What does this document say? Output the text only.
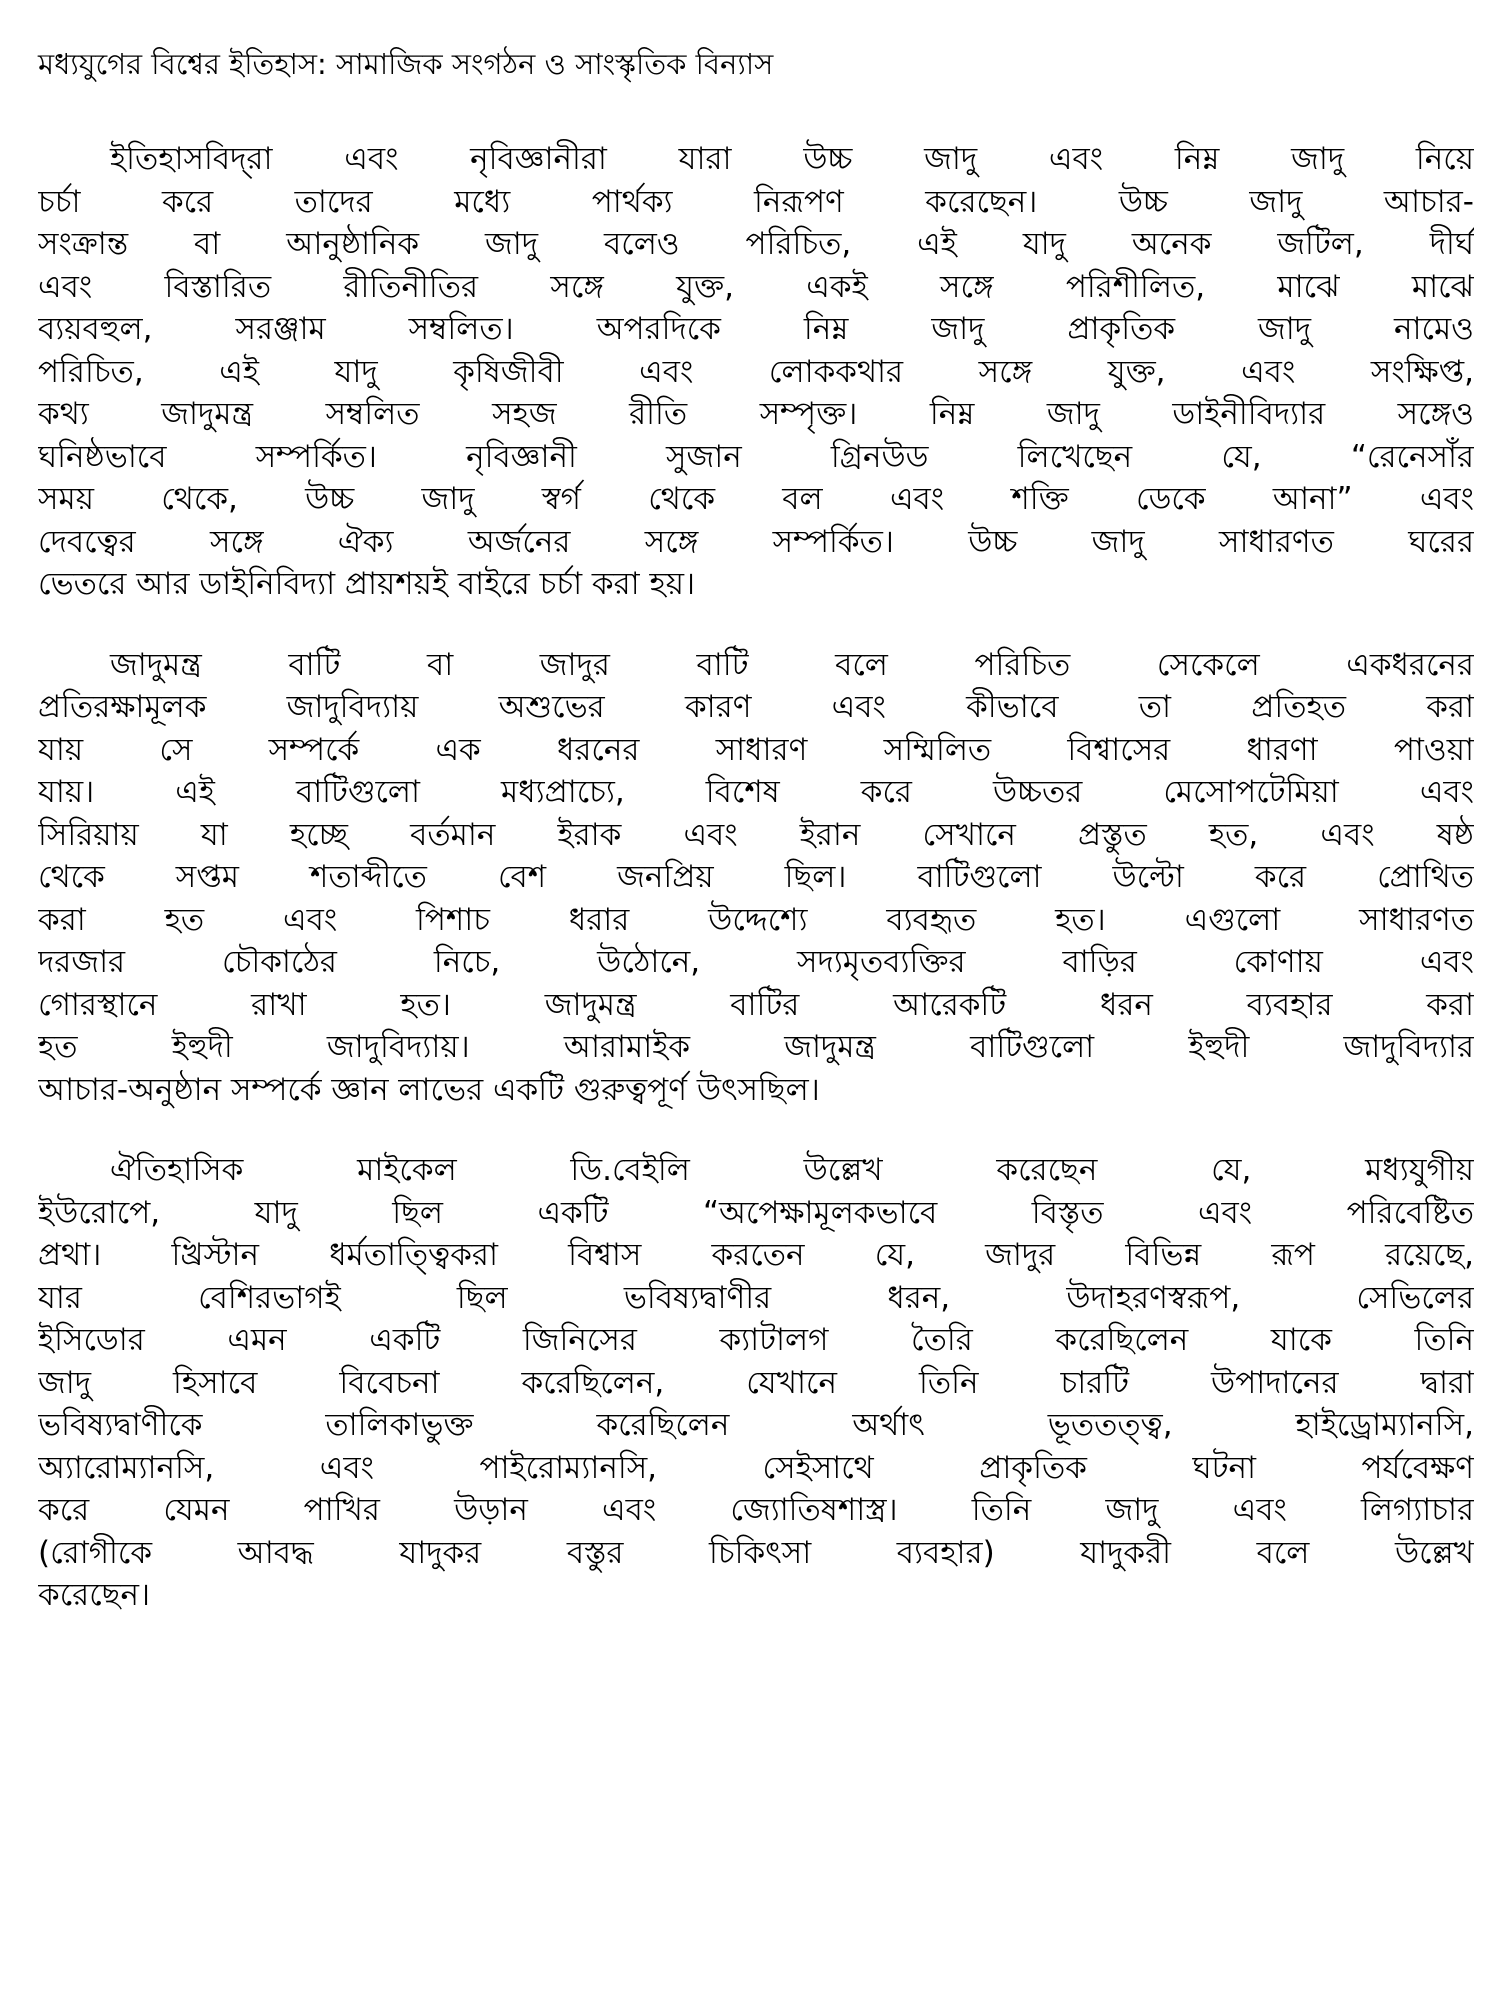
মধ্যযুগের বিশ্বের ইতিহাস: সামাজিক সংগঠন ও সাংস্কৃতিক বিন্যাস
ইতিহাসবিদ্‌রা এবং নৃবিজ্ঞানীরা যারা উচ্চ জাদু এবং নিম্ন জাদু নিয়ে
চর্চা করে তাদের মধ্যে পার্থক্য নিরূপণ করেছেন। উচ্চ জাদু আচার-
সংক্রান্ত বা আনুষ্ঠানিক জাদু বলেও পরিচিত, এই যাদু অনেক জটিল, দীর্ঘ
এবং বিস্তারিত রীতিনীতির সঙ্গে যুক্ত, একই সঙ্গে পরিশীলিত, মাঝে মাঝে
ব্যয়বহুল, সরঞ্জাম সম্বলিত। অপরদিকে নিম্ন জাদু প্রাকৃতিক জাদু নামেও
পরিচিত, এই যাদু কৃষিজীবী এবং লোককথার সঙ্গে যুক্ত, এবং সংক্ষিপ্ত,
কথ্য জাদুমন্ত্র সম্বলিত সহজ রীতি সম্পৃক্ত। নিম্ন জাদু ডাইনীবিদ্যার সঙ্গেও
ঘনিষ্ঠভাবে সম্পর্কিত। নৃবিজ্ঞানী সুজান গ্রিনউড লিখেছেন যে, “রেনেসাঁর
সময় থেকে, উচ্চ জাদু স্বর্গ থেকে বল এবং শক্তি ডেকে আনা” এবং
দেবত্বের সঙ্গে ঐক্য অর্জনের সঙ্গে সম্পর্কিত। উচ্চ জাদু সাধারণত ঘরের
ভেতরে আর ডাইনিবিদ্যা প্রায়শয়ই বাইরে চর্চা করা হয়।
জাদুমন্ত্র বাটি বা জাদুর বাটি বলে পরিচিত সেকেলে একধরনের
প্রতিরক্ষামূলক জাদুবিদ্যায় অশুভের কারণ এবং কীভাবে তা প্রতিহত করা
যায় সে সম্পর্কে এক ধরনের সাধারণ সম্মিলিত বিশ্বাসের ধারণা পাওয়া
যায়। এই বাটিগুলো মধ্যপ্রাচ্যে, বিশেষ করে উচ্চতর মেসোপটেমিয়া এবং
সিরিয়ায় যা হচ্ছে বর্তমান ইরাক এবং ইরান সেখানে প্রস্তুত হত, এবং ষষ্ঠ
থেকে সপ্তম শতাব্দীতে বেশ জনপ্রিয় ছিল। বাটিগুলো উল্টো করে প্রোথিত
করা হত এবং পিশাচ ধরার উদ্দেশ্যে ব্যবহৃত হত। এগুলো সাধারণত
দরজার চৌকাঠের নিচে, উঠোনে, সদ্যমৃতব্যক্তির বাড়ির কোণায় এবং
গোরস্থানে রাখা হত। জাদুমন্ত্র বাটির আরেকটি ধরন ব্যবহার করা
হত ইহুদী জাদুবিদ্যায়। আরামাইক জাদুমন্ত্র বাটিগুলো ইহুদী জাদুবিদ্যার
আচার-অনুষ্ঠান সম্পর্কে জ্ঞান লাভের একটি গুরুত্বপূর্ণ উৎসছিল।
ঐতিহাসিক মাইকেল ডি.বেইলি উল্লেখ করেছেন যে, মধ্যযুগীয়
ইউরোপে, যাদু ছিল একটি “অপেক্ষামূলকভাবে বিস্তৃত এবং পরিবেষ্টিত
প্রথা। খ্রিস্টান ধর্মতাত্ত্বিকরা বিশ্বাস করতেন যে, জাদুর বিভিন্ন রূপ রয়েছে,
যার বেশিরভাগই ছিল ভবিষ্যদ্বাণীর ধরন, উদাহরণস্বরূপ, সেভিলের
ইসিডোর এমন একটি জিনিসের ক্যাটালগ তৈরি করেছিলেন যাকে তিনি
জাদু হিসাবে বিবেচনা করেছিলেন, যেখানে তিনি চারটি উপাদানের দ্বারা
ভবিষ্যদ্বাণীকে তালিকাভুক্ত করেছিলেন অর্থাৎ ভূততত্ত্ব, হাইড্রোম্যানসি,
অ্যারোম্যানসি, এবং পাইরোম্যানসি, সেইসাথে প্রাকৃতিক ঘটনা পর্যবেক্ষণ
করে যেমন পাখির উড়ান এবং জ্যোতিষশাস্ত্র। তিনি জাদু এবং লিগ্যাচার
(রোগীকে আবদ্ধ যাদুকর বস্তুর চিকিৎসা ব্যবহার) যাদুকরী বলে উল্লেখ
করেছেন।
